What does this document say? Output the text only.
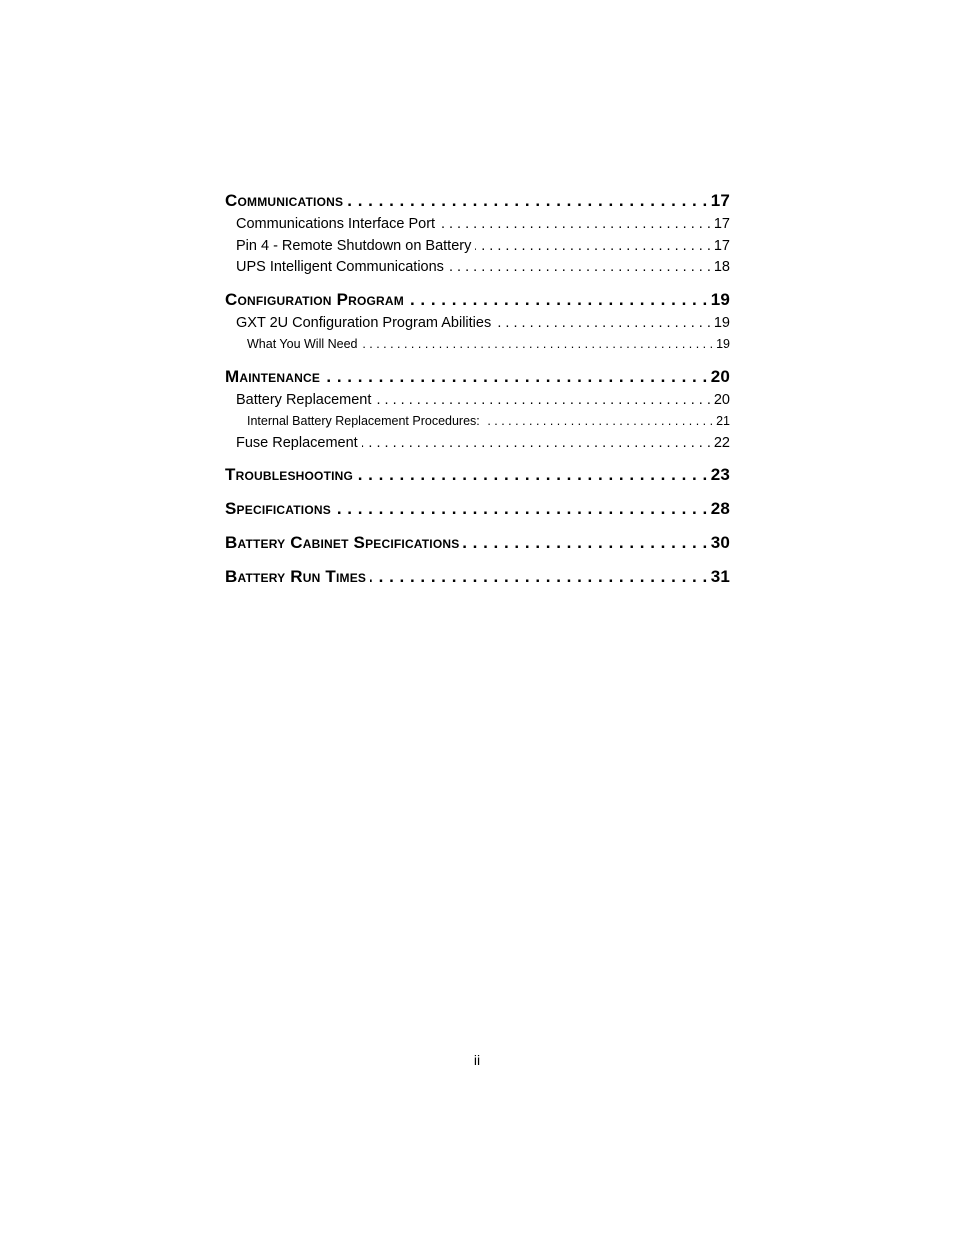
Communications . . .	17
Communications Interface Port . . .	17
Pin 4 - Remote Shutdown on Battery . . .	17
UPS Intelligent Communications . . .	18
Configuration Program . . .	19
GXT 2U Configuration Program Abilities . . .	19
What You Will Need . . .	19
Maintenance . . .	20
Battery Replacement . . .	20
Internal Battery Replacement Procedures: . . .	21
Fuse Replacement . . .	22
Troubleshooting . . .	23
Specifications . . .	28
Battery Cabinet Specifications . . .	30
Battery Run Times . . .	31
ii
